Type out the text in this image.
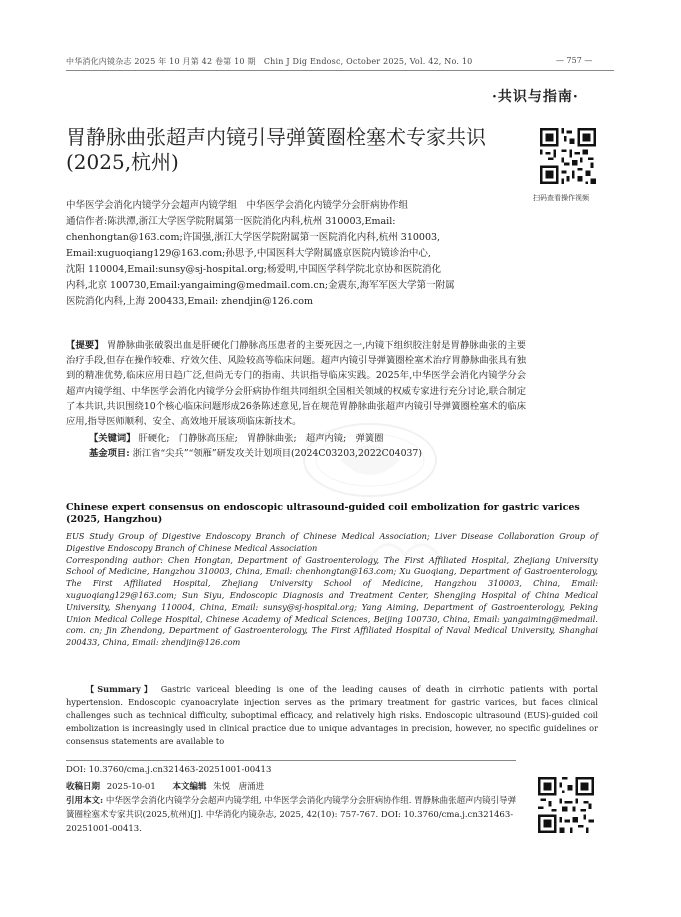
中华消化内镜杂志 2025 年 10 月第 42 卷第 10 期　Chin J Dig Endosc, October 2025, Vol. 42, No. 10	— 757 —
·共识与指南·
胃静脉曲张超声内镜引导弹簧圈栓塞术专家共识(2025,杭州)
扫码查看操作视频
中华医学会消化内镜学分会超声内镜学组　中华医学会消化内镜学分会肝病协作组
通信作者:陈洪潭,浙江大学医学院附属第一医院消化内科,杭州 310003,Email:
chenhongtan@163.com;许国强,浙江大学医学院附属第一医院消化内科,杭州 310003,
Email:xuguoqiang129@163.com;孙思予,中国医科大学附属盛京医院内镜诊治中心,
沈阳 110004,Email:sunsy@sj-hospital.org;杨爱明,中国医学科学院北京协和医院消化
内科,北京 100730,Email:yangaiming@medmail.com.cn;金震东,海军军医大学第一附属
医院消化内科,上海 200433,Email: zhendjin@126.com
【提要】 胃静脉曲张破裂出血是肝硬化门静脉高压患者的主要死因之一,内镜下组织胶注射是胃静脉曲张的主要治疗手段,但存在操作较难、疗效欠佳、风险较高等临床问题。超声内镜引导弹簧圈栓塞术治疗胃静脉曲张具有独到的精准优势,临床应用日趋广泛,但尚无专门的指南、共识指导临床实践。2025年,中华医学会消化内镜学分会超声内镜学组、中华医学会消化内镜学分会肝病协作组共同组织全国相关领域的权威专家进行充分讨论,联合制定了本共识,共识围绕10个核心临床问题形成26条陈述意见,旨在规范胃静脉曲张超声内镜引导弹簧圈栓塞术的临床应用,指导医师顺利、安全、高效地开展该项临床新技术。
【关键词】 肝硬化;　门静脉高压症;　胃静脉曲张;　超声内镜;　弹簧圈
基金项目: 浙江省“尖兵”“领雁”研发攻关计划项目(2024C03203,2022C04037)
Chinese expert consensus on endoscopic ultrasound-guided coil embolization for gastric varices (2025, Hangzhou)
EUS Study Group of Digestive Endoscopy Branch of Chinese Medical Association; Liver Disease Collaboration Group of Digestive Endoscopy Branch of Chinese Medical Association
Corresponding author: Chen Hongtan, Department of Gastroenterology, The First Affiliated Hospital, Zhejiang University School of Medicine, Hangzhou 310003, China, Email: chenhongtan@163.com; Xu Guoqiang, Department of Gastroenterology, The First Affiliated Hospital, Zhejiang University School of Medicine, Hangzhou 310003, China, Email: xuguoqiang129@163.com; Sun Siyu, Endoscopic Diagnosis and Treatment Center, Shengjing Hospital of China Medical University, Shenyang 110004, China, Email: sunsy@sj-hospital.org; Yang Aiming, Department of Gastroenterology, Peking Union Medical College Hospital, Chinese Academy of Medical Sciences, Beijing 100730, China, Email: yangaiming@medmail. com. cn; Jin Zhendong, Department of Gastroenterology, The First Affiliated Hospital of Naval Medical University, Shanghai 200433, China, Email: zhendjin@126.com
【Summary】 Gastric variceal bleeding is one of the leading causes of death in cirrhotic patients with portal hypertension. Endoscopic cyanoacrylate injection serves as the primary treatment for gastric varices, but faces clinical challenges such as technical difficulty, suboptimal efficacy, and relatively high risks. Endoscopic ultrasound (EUS)-guided coil embolization is increasingly used in clinical practice due to unique advantages in precision, however, no specific guidelines or consensus statements are available to
DOI: 10.3760/cma.j.cn321463-20251001-00413
收稿日期 2025-10-01 本文编辑 朱悦　唐涌进
引用本文: 中华医学会消化内镜学分会超声内镜学组, 中华医学会消化内镜学分会肝病协作组. 胃静脉曲张超声内镜引导弹簧圈栓塞术专家共识(2025,杭州)[J]. 中华消化内镜杂志, 2025, 42(10): 757-767. DOI: 10.3760/cma.j.cn321463-20251001-00413.
